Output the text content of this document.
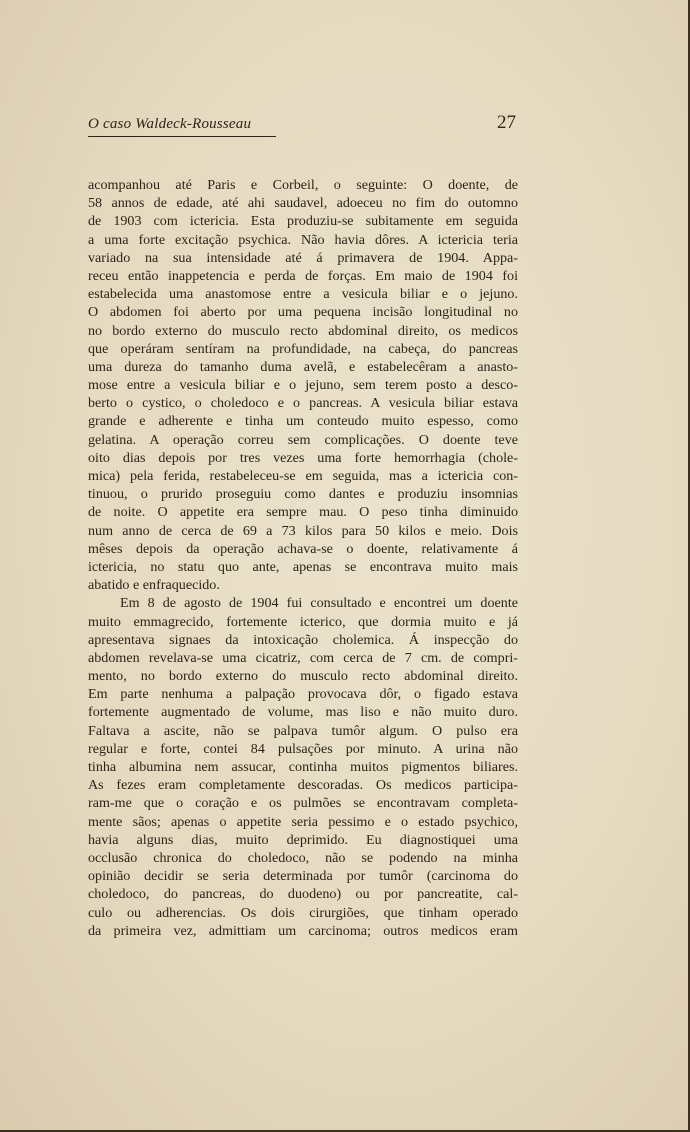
O caso Waldeck-Rousseau	27
acompanhou até Paris e Corbeil, o seguinte: O doente, de
58 annos de edade, até ahi saudavel, adoeceu no fim do outomno
de 1903 com ictericia. Esta produziu-se subitamente em seguida
a uma forte excitação psychica. Não havia dôres. A ictericia teria
variado na sua intensidade até á primavera de 1904. Appa-
receu então inappetencia e perda de forças. Em maio de 1904 foi
estabelecida uma anastomose entre a vesicula biliar e o jejuno.
O abdomen foi aberto por uma pequena incisão longitudinal no
no bordo externo do musculo recto abdominal direito, os medicos
que operáram sentíram na profundidade, na cabeça, do pancreas
uma dureza do tamanho duma avelã, e estabelecêram a anasto-
mose entre a vesicula biliar e o jejuno, sem terem posto a desco-
berto o cystico, o choledoco e o pancreas. A vesicula biliar estava
grande e adherente e tinha um conteudo muito espesso, como
gelatina. A operação correu sem complicações. O doente teve
oito dias depois por tres vezes uma forte hemorrhagia (chole-
mica) pela ferida, restabeleceu-se em seguida, mas a ictericia con-
tinuou, o prurido proseguiu como dantes e produziu insomnias
de noite. O appetite era sempre mau. O peso tinha diminuido
num anno de cerca de 69 a 73 kilos para 50 kilos e meio. Dois
mêses depois da operação achava-se o doente, relativamente á
ictericia, no statu quo ante, apenas se encontrava muito mais
abatido e enfraquecido.
Em 8 de agosto de 1904 fui consultado e encontrei um doente
muito emmagrecido, fortemente icterico, que dormia muito e já
apresentava signaes da intoxicação cholemica. Á inspecção do
abdomen revelava-se uma cicatriz, com cerca de 7 cm. de compri-
mento, no bordo externo do musculo recto abdominal direito.
Em parte nenhuma a palpação provocava dôr, o figado estava
fortemente augmentado de volume, mas liso e não muito duro.
Faltava a ascite, não se palpava tumôr algum. O pulso era
regular e forte, contei 84 pulsações por minuto. A urina não
tinha albumina nem assucar, continha muitos pigmentos biliares.
As fezes eram completamente descoradas. Os medicos participa-
ram-me que o coração e os pulmões se encontravam completa-
mente sãos; apenas o appetite seria pessimo e o estado psychico,
havia alguns dias, muito deprimido. Eu diagnostiquei uma
occlusão chronica do choledoco, não se podendo na minha
opinião decidir se seria determinada por tumôr (carcinoma do
choledoco, do pancreas, do duodeno) ou por pancreatite, cal-
culo ou adherencias. Os dois cirurgiões, que tinham operado
da primeira vez, admittiam um carcinoma; outros medicos eram
